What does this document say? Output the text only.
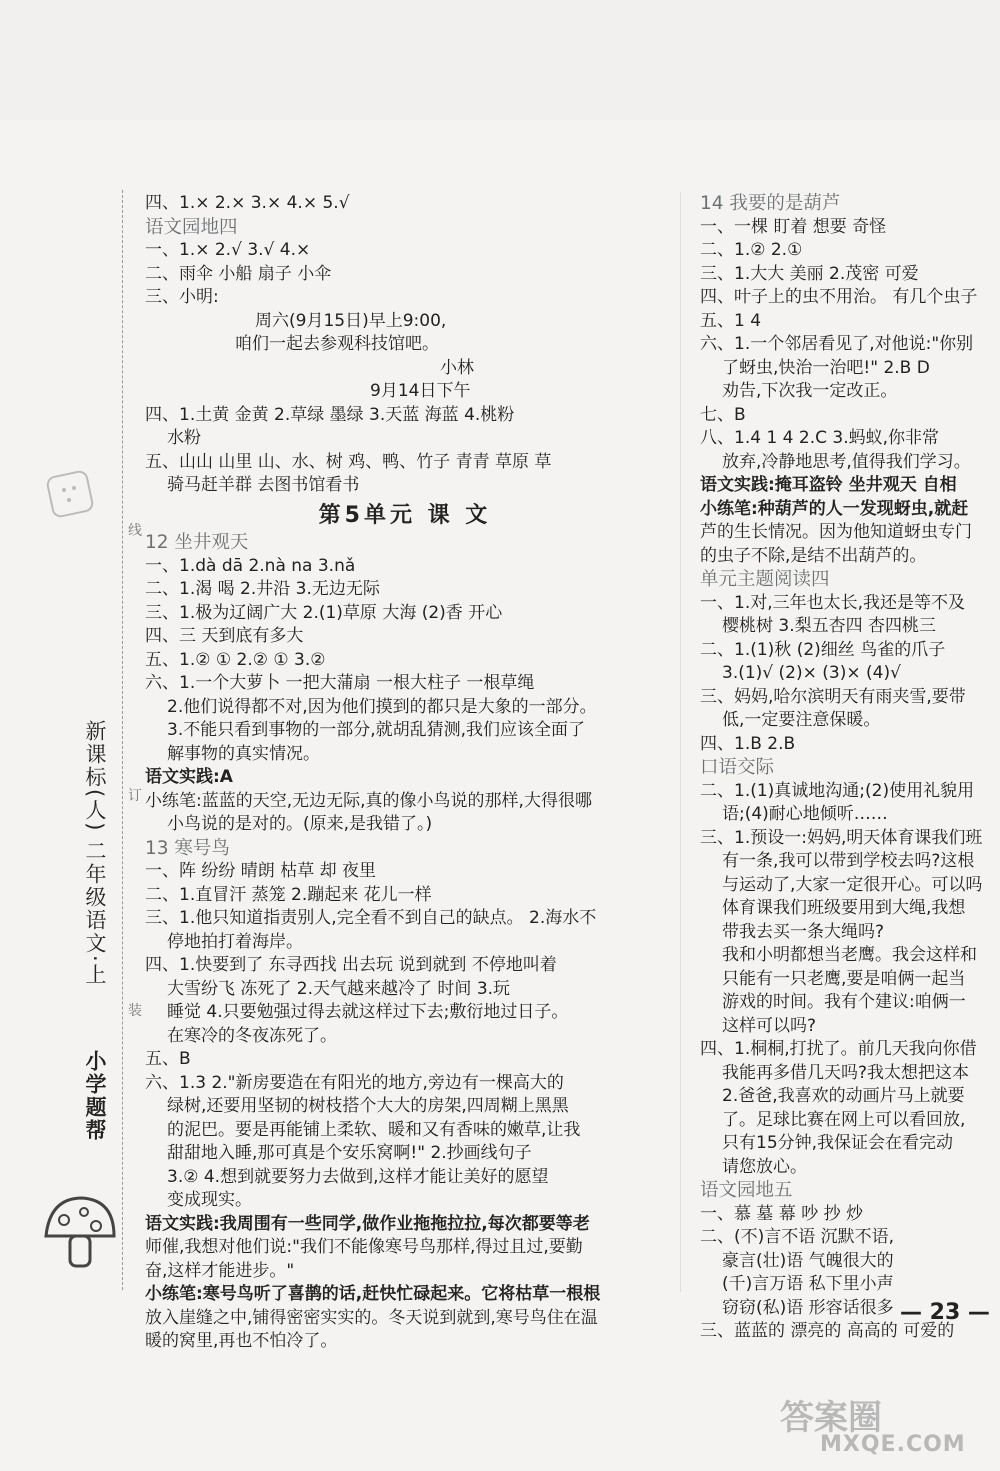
新课标(人)
二年级语文·上
小学题帮
线
订
装
四、1.× 2.× 3.× 4.× 5.√
语文园地四
一、1.× 2.√ 3.√ 4.×
二、雨伞 小船 扇子 小伞
三、小明:
周六(9月15日)早上9:00,
咱们一起去参观科技馆吧。
小林
9月14日下午
四、1.土黄 金黄 2.草绿 墨绿 3.天蓝 海蓝 4.桃粉
水粉
五、山山 山里 山、水、树 鸡、鸭、竹子 青青 草原 草
骑马赶羊群 去图书馆看书
第5单元 课 文
12 坐井观天
一、1.dà dā 2.nà na 3.nǎ
二、1.渴 喝 2.井沿 3.无边无际
三、1.极为辽阔广大 2.(1)草原 大海 (2)香 开心
四、三 天到底有多大
五、1.② ① 2.② ① 3.②
六、1.一个大萝卜 一把大蒲扇 一根大柱子 一根草绳
2.他们说得都不对,因为他们摸到的都只是大象的一部分。
3.不能只看到事物的一部分,就胡乱猜测,我们应该全面了
解事物的真实情况。
语文实践:A
小练笔:蓝蓝的天空,无边无际,真的像小鸟说的那样,大得很哪
小鸟说的是对的。(原来,是我错了。)
13 寒号鸟
一、阵 纷纷 晴朗 枯草 却 夜里
二、1.直冒汗 蒸笼 2.蹦起来 花儿一样
三、1.他只知道指责别人,完全看不到自己的缺点。 2.海水不
停地拍打着海岸。
四、1.快要到了 东寻西找 出去玩 说到就到 不停地叫着
大雪纷飞 冻死了 2.天气越来越冷了 时间 3.玩
睡觉 4.只要勉强过得去就这样过下去;敷衍地过日子。
在寒冷的冬夜冻死了。
五、B
六、1.3 2."新房要造在有阳光的地方,旁边有一棵高大的
绿树,还要用坚韧的树枝搭个大大的房架,四周糊上黑黑
的泥巴。要是再能铺上柔软、暖和又有香味的嫩草,让我
甜甜地入睡,那可真是个安乐窝啊!" 2.抄画线句子
3.② 4.想到就要努力去做到,这样才能让美好的愿望
变成现实。
语文实践:我周围有一些同学,做作业拖拖拉拉,每次都要等老
师催,我想对他们说:"我们不能像寒号鸟那样,得过且过,要勤
奋,这样才能进步。"
小练笔:寒号鸟听了喜鹊的话,赶快忙碌起来。它将枯草一根根
放入崖缝之中,铺得密密实实的。冬天说到就到,寒号鸟住在温
暖的窝里,再也不怕冷了。
14 我要的是葫芦
一、一棵 盯着 想要 奇怪
二、1.② 2.①
三、1.大大 美丽 2.茂密 可爱
四、叶子上的虫不用治。 有几个虫子
五、1 4
六、1.一个邻居看见了,对他说:"你别
了蚜虫,快治一治吧!" 2.B D
劝告,下次我一定改正。
七、B
八、1.4 1 4 2.C 3.蚂蚁,你非常
放弃,冷静地思考,值得我们学习。
语文实践:掩耳盗铃 坐井观天 自相
小练笔:种葫芦的人一发现蚜虫,就赶
芦的生长情况。因为他知道蚜虫专门
的虫子不除,是结不出葫芦的。
单元主题阅读四
一、1.对,三年也太长,我还是等不及
樱桃树 3.梨五杏四 杏四桃三
二、1.(1)秋 (2)细丝 鸟雀的爪子
3.(1)√ (2)× (3)× (4)√
三、妈妈,哈尔滨明天有雨夹雪,要带
低,一定要注意保暖。
四、1.B 2.B
口语交际
二、1.(1)真诚地沟通;(2)使用礼貌用
语;(4)耐心地倾听……
三、1.预设一:妈妈,明天体育课我们班
有一条,我可以带到学校去吗?这根
与运动了,大家一定很开心。可以吗
体育课我们班级要用到大绳,我想
带我去买一条大绳吗?
我和小明都想当老鹰。我会这样和
只能有一只老鹰,要是咱俩一起当
游戏的时间。我有个建议:咱俩一
这样可以吗?
四、1.桐桐,打扰了。前几天我向你借
我能再多借几天吗?我太想把这本
2.爸爸,我喜欢的动画片马上就要
了。足球比赛在网上可以看回放,
只有15分钟,我保证会在看完动
请您放心。
语文园地五
一、慕 墓 幕 吵 抄 炒
二、(不)言不语 沉默不语,
豪言(壮)语 气魄很大的
(千)言万语 私下里小声
窃窃(私)语 形容话很多
三、蓝蓝的 漂亮的 高高的 可爱的
— 23 —
答案圈
MXQE.COM
